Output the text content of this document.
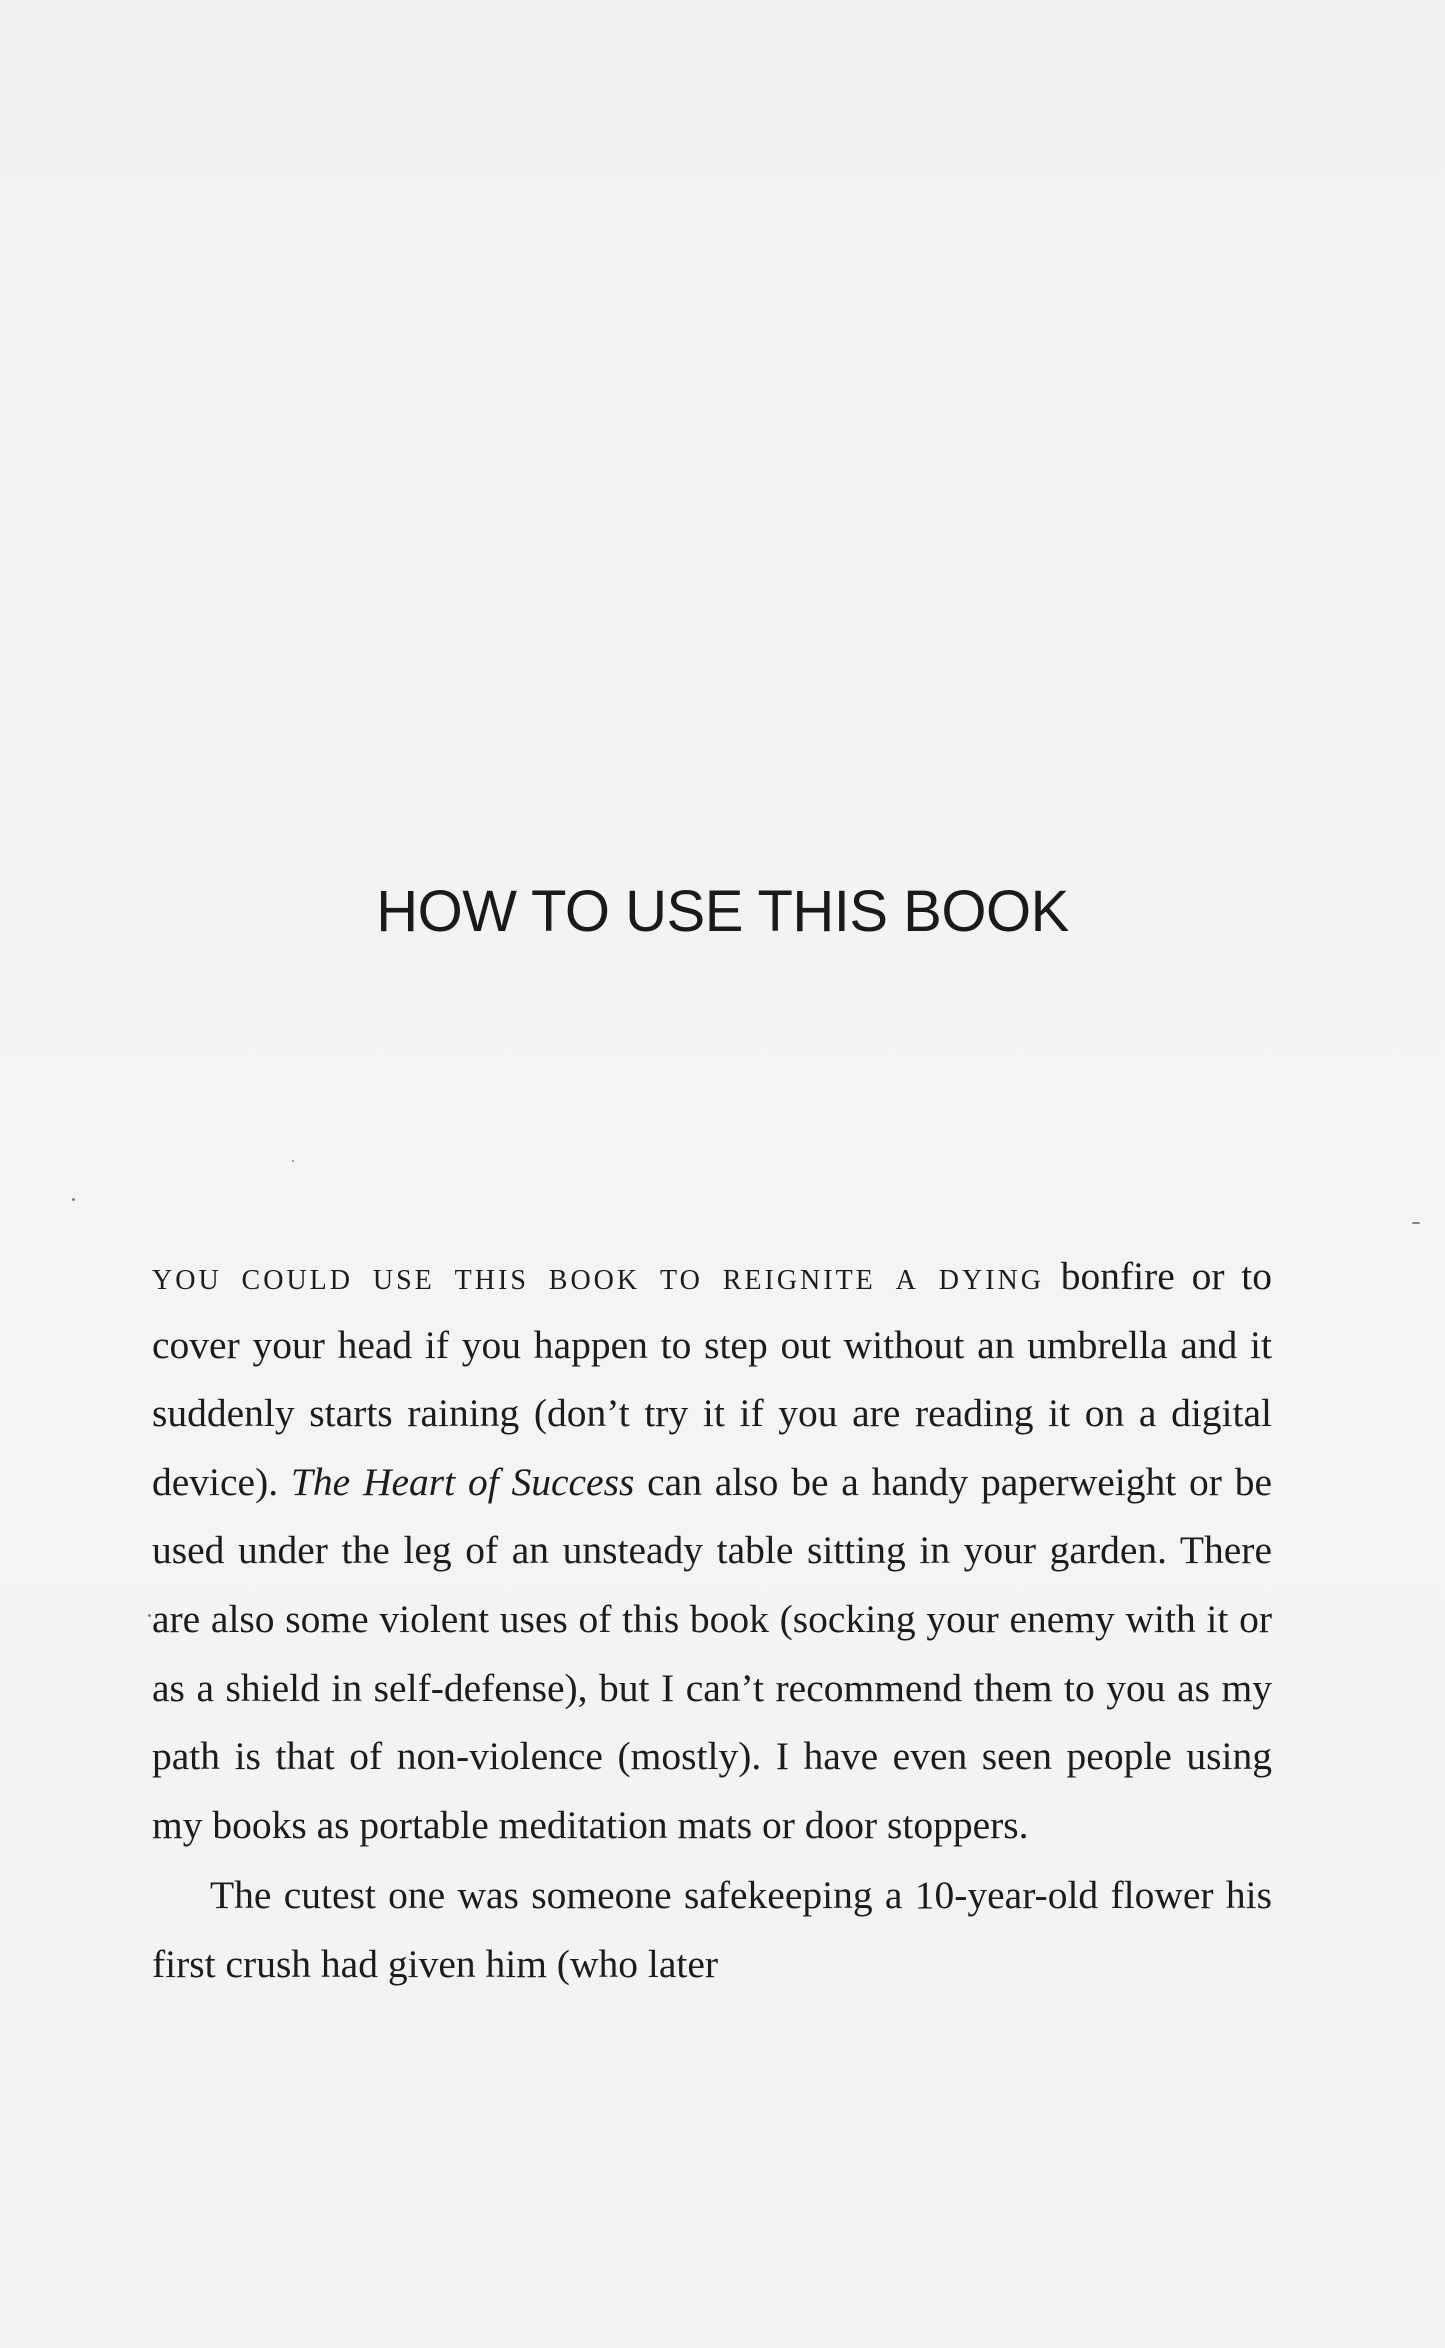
HOW TO USE THIS BOOK

you could use this book to reignite a dying bonfire or to cover your head if you happen to step out without an umbrella and it suddenly starts raining (don’t try it if you are reading it on a digital device). The Heart of Success can also be a handy paperweight or be used under the leg of an unsteady table sitting in your garden. There are also some violent uses of this book (socking your enemy with it or as a shield in self-defense), but I can’t recommend them to you as my path is that of non-violence (mostly). I have even seen people using my books as portable meditation mats or door stoppers.

The cutest one was someone safekeeping a 10-year-old flower his first crush had given him (who later
